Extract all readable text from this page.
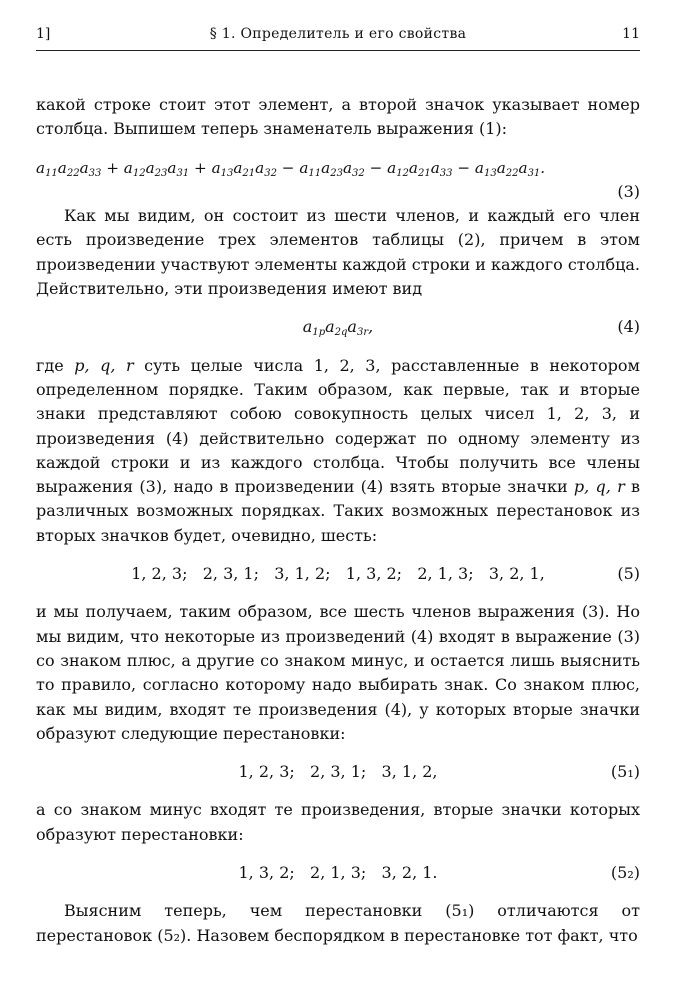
1]	§ 1. Определитель и его свойства	11

какой строке стоит этот элемент, а второй значок указывает номер столбца. Выпишем теперь знаменатель выражения (1):

$a_{11}a_{22}a_{33} + a_{12}a_{23}a_{31} + a_{13}a_{21}a_{32} - a_{11}a_{23}a_{32} - a_{12}a_{21}a_{33} - a_{13}a_{22}a_{31}$.
(3)

Как мы видим, он состоит из шести членов, и каждый его член есть произведение трех элементов таблицы (2), причем в этом произведении участвуют элементы каждой строки и каждого столбца. Действительно, эти произведения имеют вид

$a_{1p}a_{2q}a_{3r}$,	(4)

где p, q, r суть целые числа 1, 2, 3, расставленные в некотором определенном порядке. Таким образом, как первые, так и вторые знаки представляют собою совокупность целых чисел 1, 2, 3, и произведения (4) действительно содержат по одному элементу из каждой строки и из каждого столбца. Чтобы получить все члены выражения (3), надо в произведении (4) взять вторые значки p, q, r в различных возможных порядках. Таких возможных перестановок из вторых значков будет, очевидно, шесть:

1, 2, 3;   2, 3, 1;   3, 1, 2;   1, 3, 2;   2, 1, 3;   3, 2, 1,	(5)

и мы получаем, таким образом, все шесть членов выражения (3). Но мы видим, что некоторые из произведений (4) входят в выражение (3) со знаком плюс, а другие со знаком минус, и остается лишь выяснить то правило, согласно которому надо выбирать знак. Со знаком плюс, как мы видим, входят те произведения (4), у которых вторые значки образуют следующие перестановки:

1, 2, 3;   2, 3, 1;   3, 1, 2,	(5₁)

а со знаком минус входят те произведения, вторые значки которых образуют перестановки:

1, 3, 2;   2, 1, 3;   3, 2, 1.	(5₂)

Выясним теперь, чем перестановки (5₁) отличаются от перестановок (5₂). Назовем беспорядком в перестановке тот факт, что
